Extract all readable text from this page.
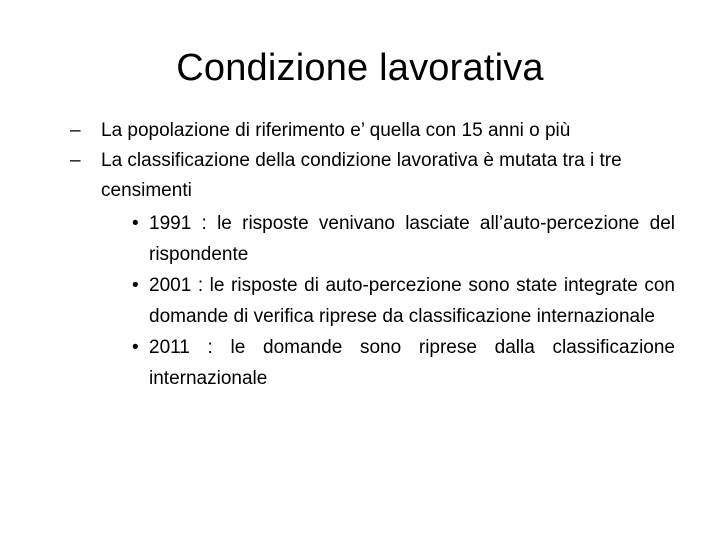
Condizione lavorativa
–	La popolazione di riferimento e’ quella con 15 anni o più
–	La classificazione della condizione lavorativa è mutata tra i tre censimenti
• 1991 : le risposte venivano lasciate all’auto-percezione del rispondente
• 2001 : le risposte di auto-percezione sono state integrate con domande di verifica riprese da classificazione internazionale
• 2011 : le domande sono riprese dalla classificazione internazionale
